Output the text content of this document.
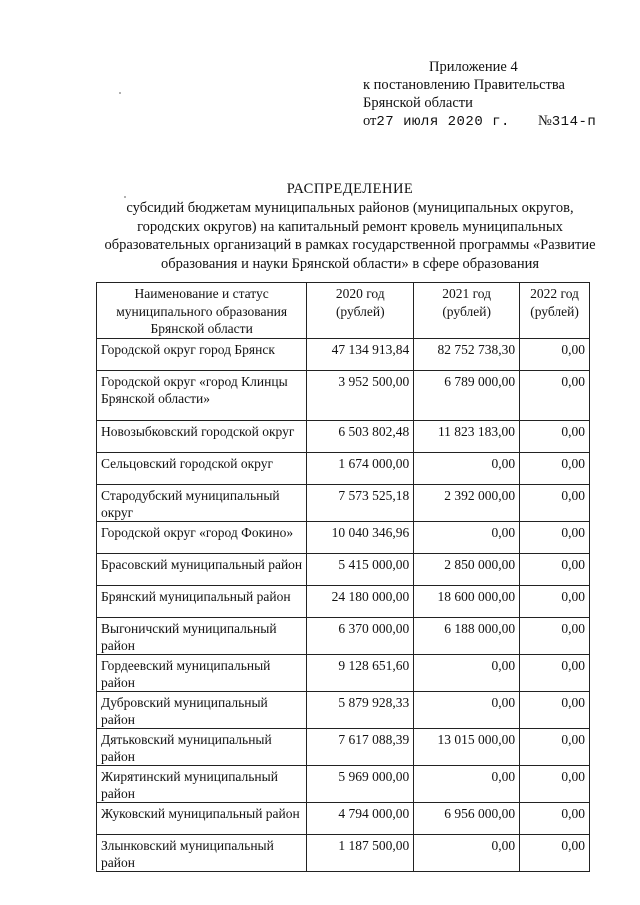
Приложение 4
к постановлению Правительства
Брянской области
от27 июля 2020 г. №314-п
РАСПРЕДЕЛЕНИЕ
субсидий бюджетам муниципальных районов (муниципальных округов, городских округов) на капитальный ремонт кровель муниципальных образовательных организаций в рамках государственной программы «Развитие образования и науки Брянской области» в сфере образования
Наименование и статус муниципального образования Брянской области	2020 год (рублей)	2021 год (рублей)	2022 год (рублей)
Городской округ город Брянск	47 134 913,84	82 752 738,30	0,00
Городской округ «город Клинцы Брянской области»	3 952 500,00	6 789 000,00	0,00
Новозыбковский городской округ	6 503 802,48	11 823 183,00	0,00
Сельцовский городской округ	1 674 000,00	0,00	0,00
Стародубский муниципальный округ	7 573 525,18	2 392 000,00	0,00
Городской округ «город Фокино»	10 040 346,96	0,00	0,00
Брасовский муниципальный район	5 415 000,00	2 850 000,00	0,00
Брянский муниципальный район	24 180 000,00	18 600 000,00	0,00
Выгоничский муниципальный район	6 370 000,00	6 188 000,00	0,00
Гордеевский муниципальный район	9 128 651,60	0,00	0,00
Дубровский муниципальный район	5 879 928,33	0,00	0,00
Дятьковский муниципальный район	7 617 088,39	13 015 000,00	0,00
Жирятинский муниципальный район	5 969 000,00	0,00	0,00
Жуковский муниципальный район	4 794 000,00	6 956 000,00	0,00
Злынковский муниципальный район	1 187 500,00	0,00	0,00
